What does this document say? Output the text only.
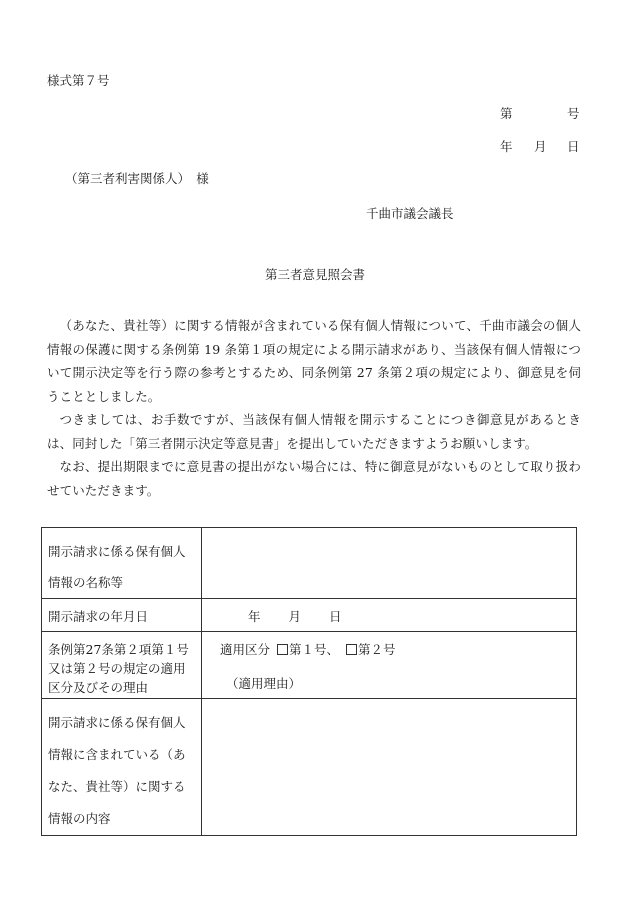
様式第７号
第	号
年 月 日
（第三者利害関係人）　様
千曲市議会議長
第三者意見照会書

（あなた、貴社等）に関する情報が含まれている保有個人情報について、千曲市議会の個人情報の保護に関する条例第 19 条第１項の規定による開示請求があり、当該保有個人情報について開示決定等を行う際の参考とするため、同条例第 27 条第２項の規定により、御意見を伺うこととしました。

つきましては、お手数ですが、当該保有個人情報を開示することにつき御意見があるときは、同封した「第三者開示決定等意見書」を提出していただきますようお願いします。

なお、提出期限までに意見書の提出がない場合には、特に御意見がないものとして取り扱わせていただきます。

開示請求に係る保有個人
情報の名称等	

開示請求の年月日	年 月 日

条例第27条第２項第１号
又は第２号の規定の適用
区分及びその理由	適用区分 第１号、 第２号
（適用理由）

開示請求に係る保有個人
情報に含まれている（あ
なた、貴社等）に関する
情報の内容	
